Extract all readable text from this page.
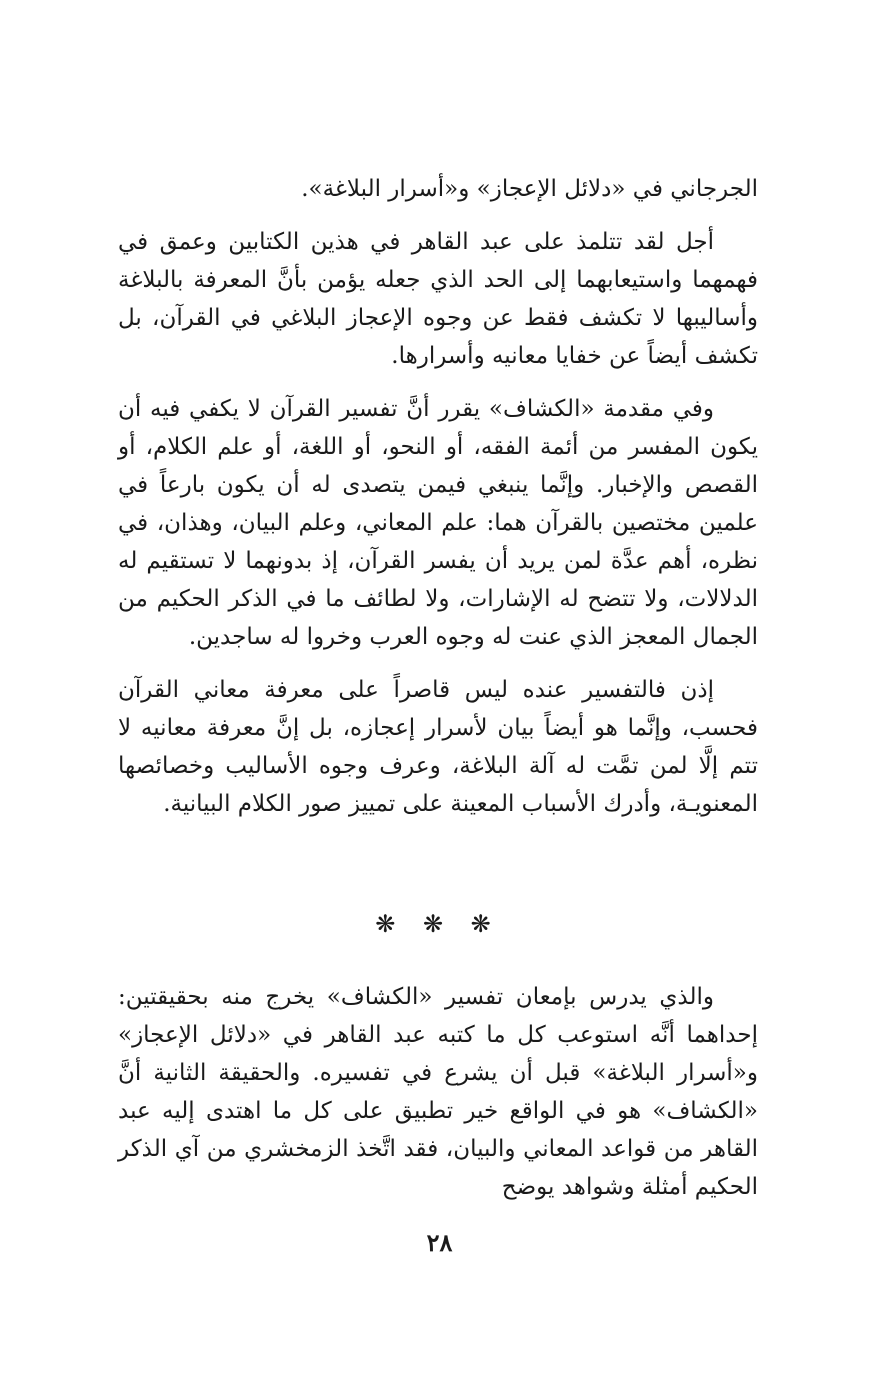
الجرجاني في «دلائل الإعجاز» و«أسرار البلاغة».

أجل لقد تتلمذ على عبد القاهر في هذين الكتابين وعمق في فهمهما واستيعابهما إلى الحد الذي جعله يؤمن بأنَّ المعرفة بالبلاغة وأساليبها لا تكشف فقط عن وجوه الإعجاز البلاغي في القرآن، بل تكشف أيضاً عن خفايا معانيه وأسرارها.

وفي مقدمة «الكشاف» يقرر أنَّ تفسير القرآن لا يكفي فيه أن يكون المفسر من أئمة الفقه، أو النحو، أو اللغة، أو علم الكلام، أو القصص والإخبار. وإنَّما ينبغي فيمن يتصدى له أن يكون بارعاً في علمين مختصين بالقرآن هما: علم المعاني، وعلم البيان، وهذان، في نظره، أهم عدَّة لمن يريد أن يفسر القرآن، إذ بدونهما لا تستقيم له الدلالات، ولا تتضح له الإشارات، ولا لطائف ما في الذكر الحكيم من الجمال المعجز الذي عنت له وجوه العرب وخروا له ساجدين.

إذن فالتفسير عنده ليس قاصراً على معرفة معاني القرآن فحسب، وإنَّما هو أيضاً بيان لأسرار إعجازه، بل إنَّ معرفة معانيه لا تتم إلَّا لمن تمَّت له آلة البلاغة، وعرف وجوه الأساليب وخصائصها المعنويـة، وأدرك الأسباب المعينة على تمييز صور الكلام البيانية.

❋ ❋ ❋

والذي يدرس بإمعان تفسير «الكشاف» يخرج منه بحقيقتين: إحداهما أنَّه استوعب كل ما كتبه عبد القاهر في «دلائل الإعجاز» و«أسرار البلاغة» قبل أن يشرع في تفسيره. والحقيقة الثانية أنَّ «الكشاف» هو في الواقع خير تطبيق على كل ما اهتدى إليه عبد القاهر من قواعد المعاني والبيان، فقد اتَّخذ الزمخشري من آي الذكر الحكيم أمثلة وشواهد يوضح

٢٨
